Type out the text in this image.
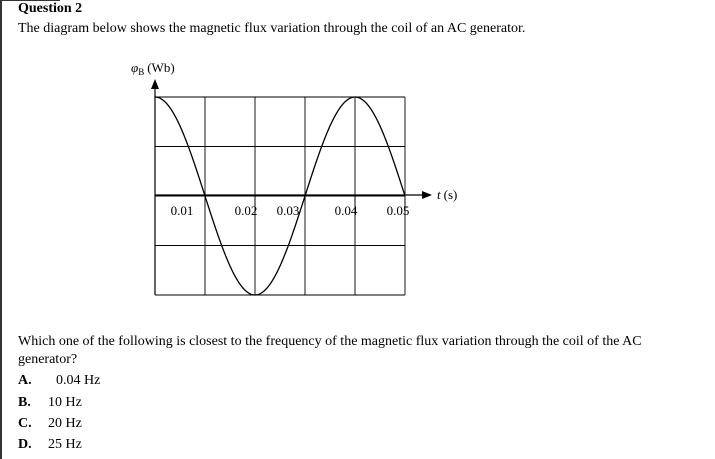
Question 2
The diagram below shows the magnetic flux variation through the coil of an AC generator.
0.01	0.02 0.03	0.04 0.05
$\varphi_B$ (Wb)
t (s)
Which one of the following is closest to the frequency of the magnetic flux variation through the coil of the AC generator?
A. 0.04 Hz
B. 10 Hz
C. 20 Hz
D. 25 Hz
